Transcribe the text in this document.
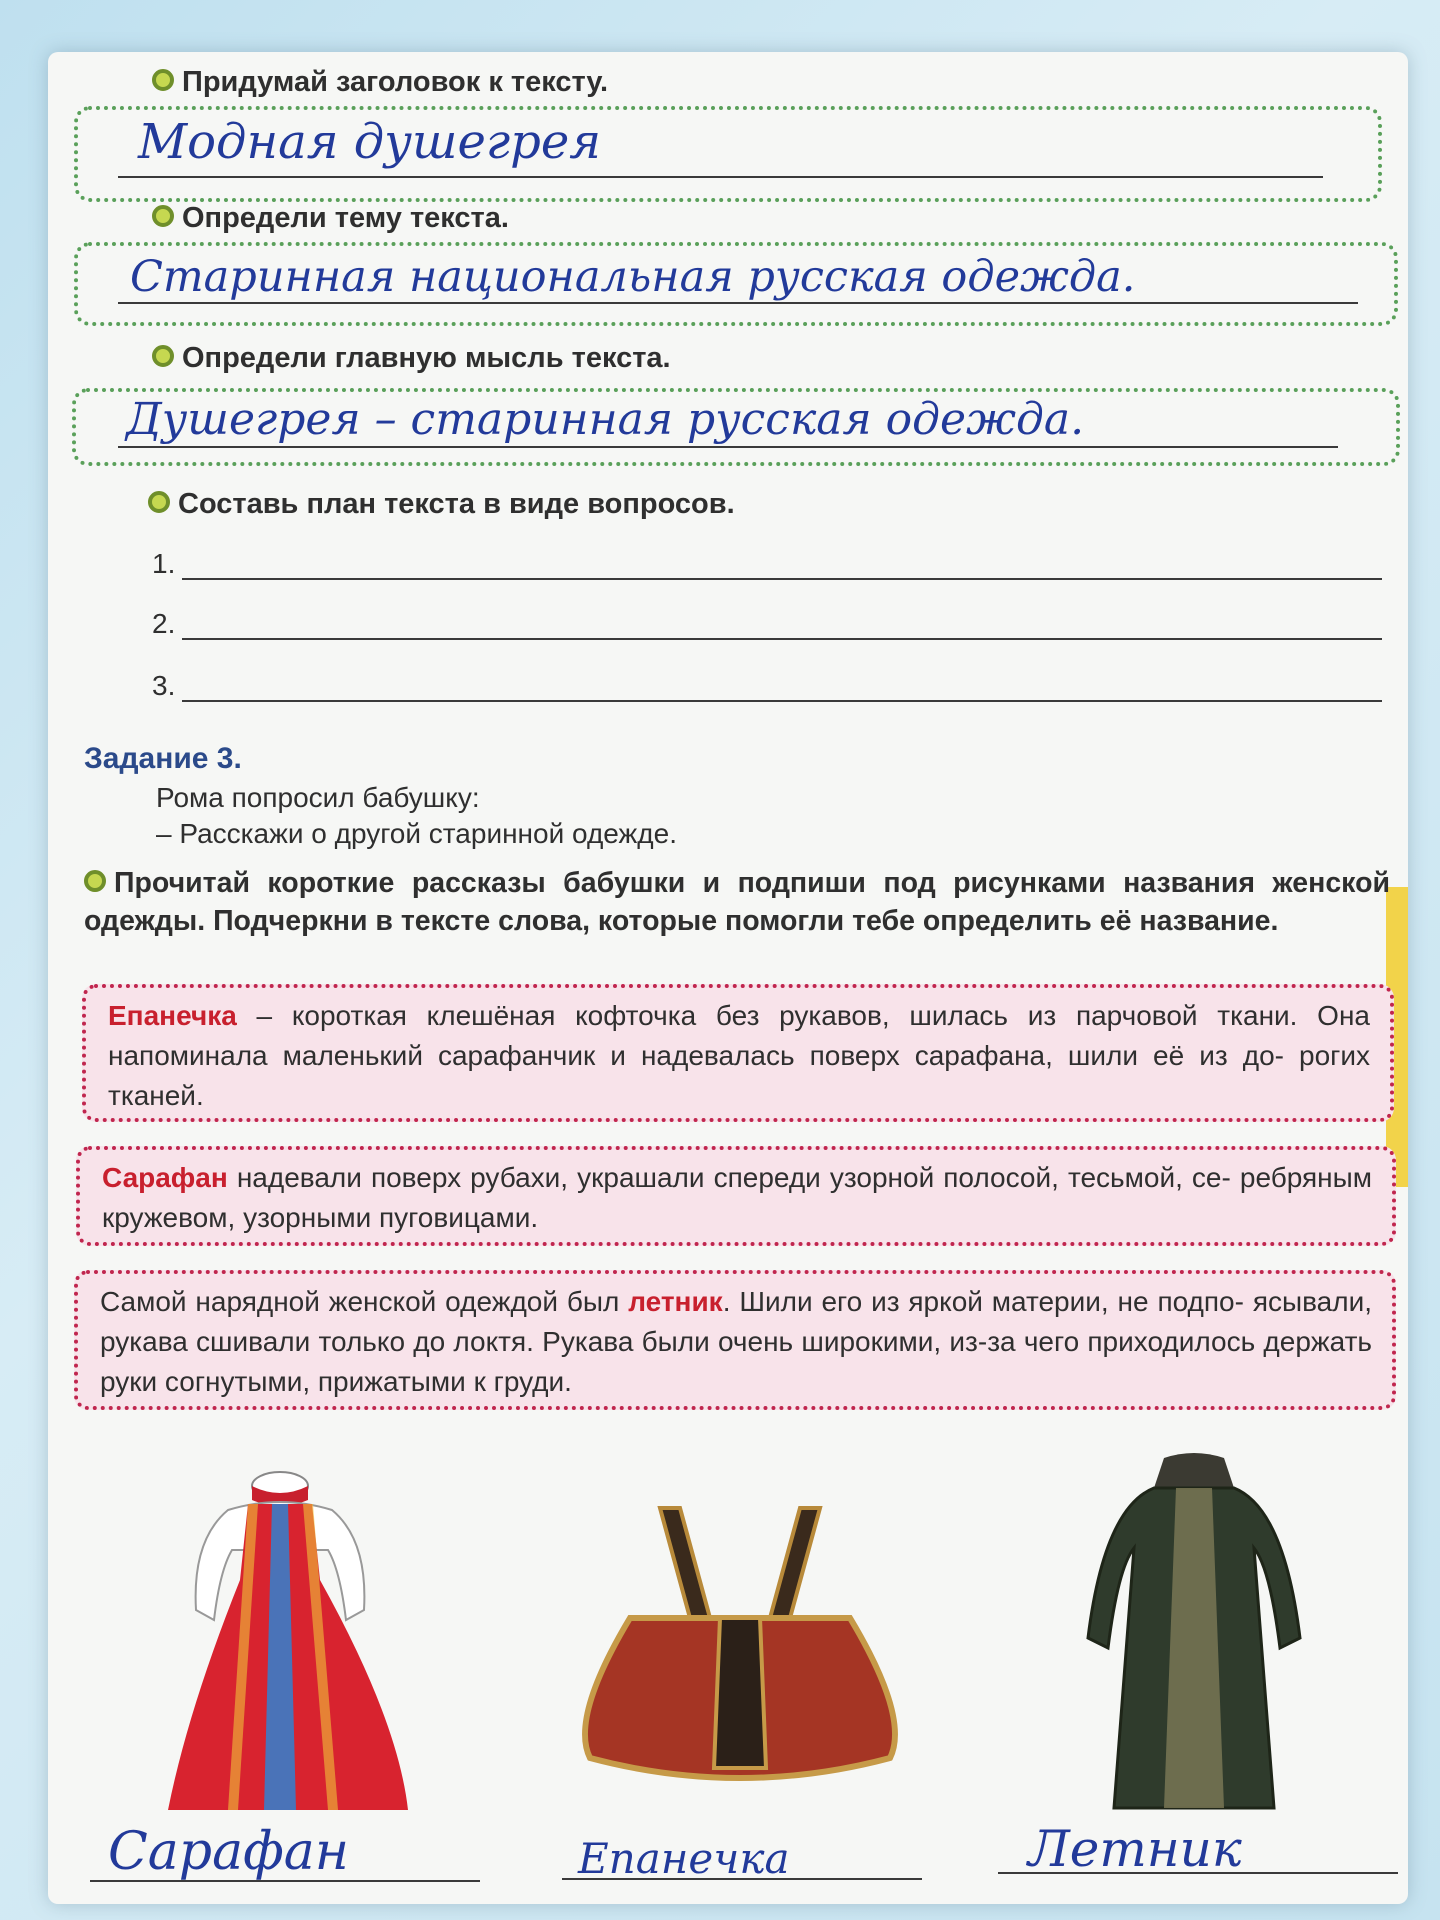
Придумай заголовок к тексту.
Модная душегрея
Определи тему текста.
Старинная национальная русская одежда.
Определи главную мысль текста.
Душегрея – старинная русская одежда.
Составь план текста в виде вопросов.
1.
2.
3.
Задание 3.
Рома попросил бабушку:
– Расскажи о другой старинной одежде.
Прочитай короткие рассказы бабушки и подпиши под рисунками названия женской одежды. Подчеркни в тексте слова, которые помогли тебе определить её название.
Епанечка – короткая клешёная кофточка без рукавов, шилась из парчовой ткани. Она напоминала маленький сарафанчик и надевалась поверх сарафана, шили её из до- рогих тканей.
Сарафан надевали поверх рубахи, украшали спереди узорной полосой, тесьмой, се- ребряным кружевом, узорными пуговицами.
Самой нарядной женской одеждой был летник. Шили его из яркой материи, не подпо- ясывали, рукава сшивали только до локтя. Рукава были очень широкими, из-за чего приходилось держать руки согнутыми, прижатыми к груди.
Сарафан	Епанечка	Летник
